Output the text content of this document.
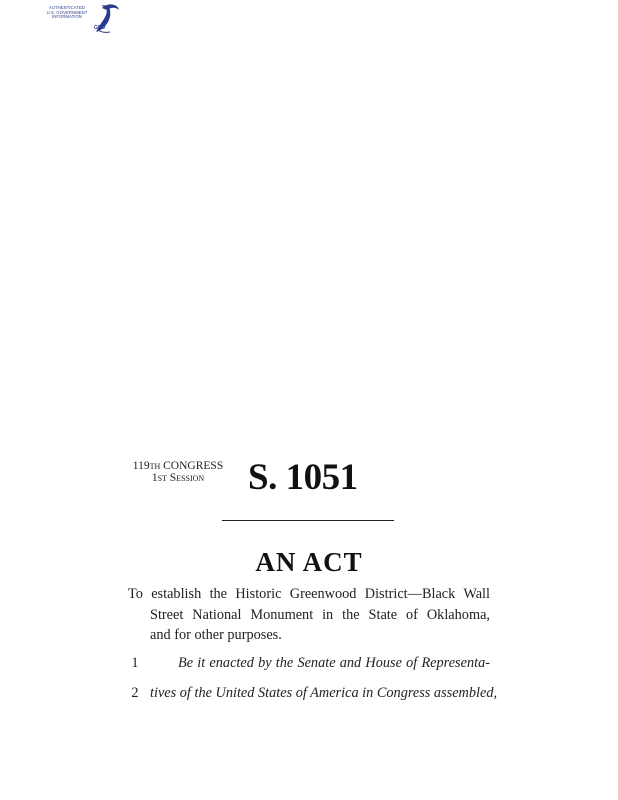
AUTHENTICATED
U.S. GOVERNMENT
INFORMATION
GPO
119th CONGRESS
1st Session	S. 1051
AN ACT
To establish the Historic Greenwood District—Black Wall
Street National Monument in the State of Oklahoma,
and for other purposes.
1	Be it enacted by the Senate and House of Representa-
2 tives of the United States of America in Congress assembled,
